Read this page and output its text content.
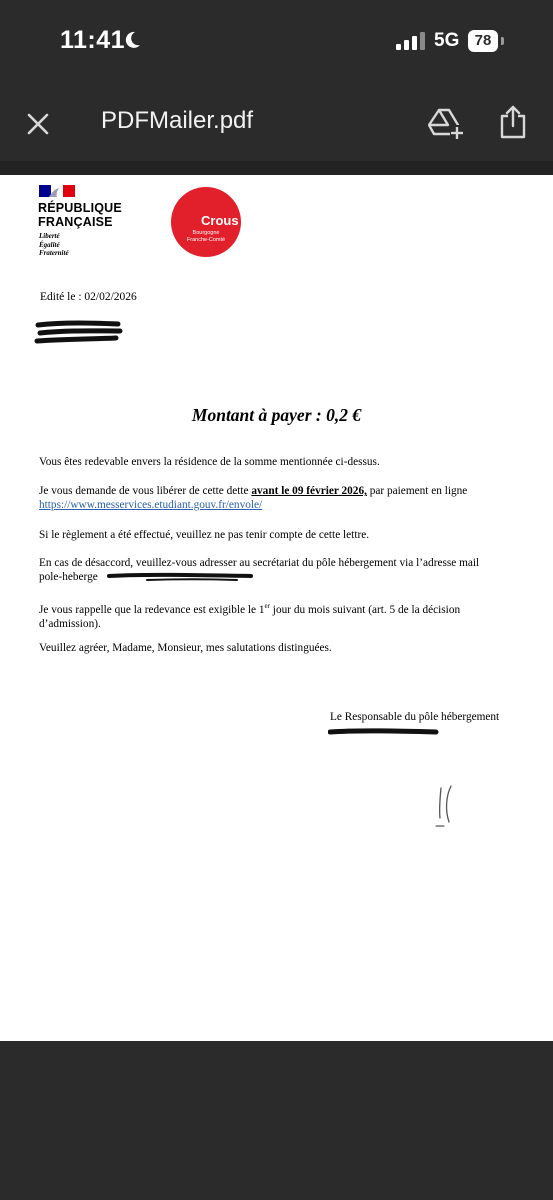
11:41	5G	78
PDFMailer.pdf
RÉPUBLIQUE
FRANÇAISE
Liberté
Égalité
Fraternité
Crous
Bourgogne
Franche-Comté
Edité le : 02/02/2026
Montant à payer : 0,2 €
Vous êtes redevable envers la résidence de la somme mentionnée ci-dessus.
Je vous demande de vous libérer de cette dette avant le 09 février 2026, par paiement en ligne
https://www.messervices.etudiant.gouv.fr/envole/
Si le règlement a été effectué, veuillez ne pas tenir compte de cette lettre.
En cas de désaccord, veuillez-vous adresser au secrétariat du pôle hébergement via l’adresse mail
pole-heberge
Je vous rappelle que la redevance est exigible le 1er jour du mois suivant (art. 5 de la décision d’admission).
Veuillez agréer, Madame, Monsieur, mes salutations distinguées.
Le Responsable du pôle hébergement
